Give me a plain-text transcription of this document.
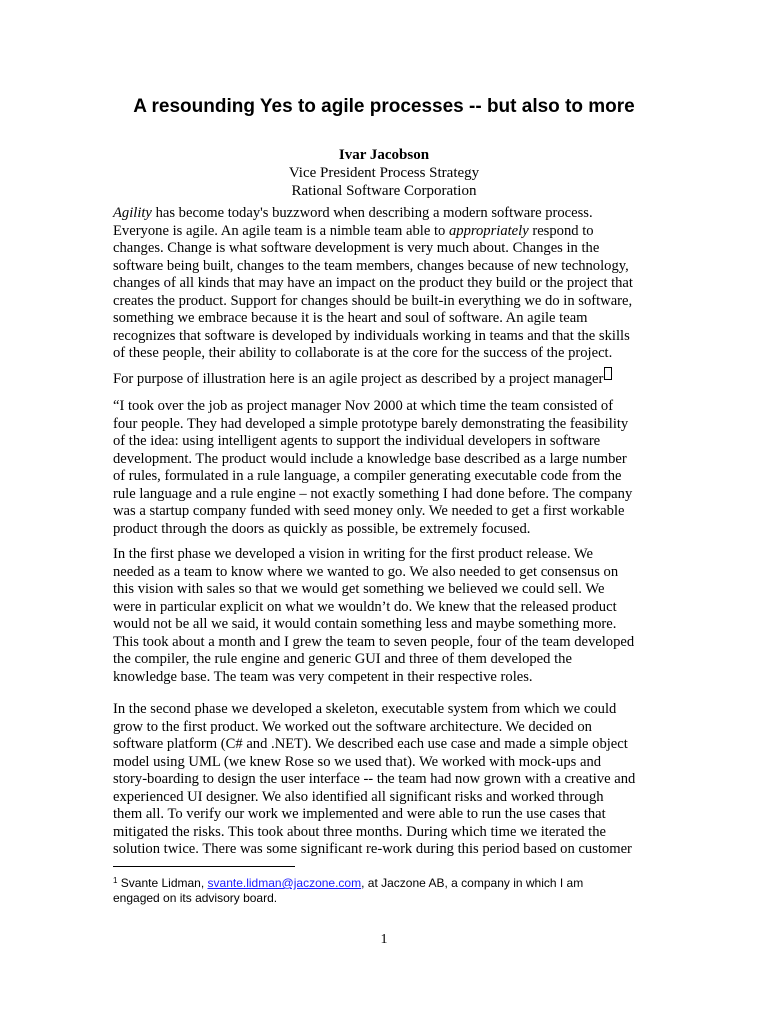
A resounding Yes to agile processes -- but also to more
Ivar Jacobson
Vice President Process Strategy
Rational Software Corporation
Agility has become today's buzzword when describing a modern software process.
Everyone is agile. An agile team is a nimble team able to appropriately respond to
changes. Change is what software development is very much about. Changes in the
software being built, changes to the team members, changes because of new technology,
changes of all kinds that may have an impact on the product they build or the project that
creates the product. Support for changes should be built-in everything we do in software,
something we embrace because it is the heart and soul of software. An agile team
recognizes that software is developed by individuals working in teams and that the skills
of these people, their ability to collaborate is at the core for the success of the project.
For purpose of illustration here is an agile project as described by a project manager
“I took over the job as project manager Nov 2000 at which time the team consisted of
four people. They had developed a simple prototype barely demonstrating the feasibility
of the idea: using intelligent agents to support the individual developers in software
development. The product would include a knowledge base described as a large number
of rules, formulated in a rule language, a compiler generating executable code from the
rule language and a rule engine – not exactly something I had done before. The company
was a startup company funded with seed money only. We needed to get a first workable
product through the doors as quickly as possible, be extremely focused.
In the first phase we developed a vision in writing for the first product release. We
needed as a team to know where we wanted to go. We also needed to get consensus on
this vision with sales so that we would get something we believed we could sell. We
were in particular explicit on what we wouldn’t do. We knew that the released product
would not be all we said, it would contain something less and maybe something more.
This took about a month and I grew the team to seven people, four of the team developed
the compiler, the rule engine and generic GUI and three of them developed the
knowledge base. The team was very competent in their respective roles.
In the second phase we developed a skeleton, executable system from which we could
grow to the first product. We worked out the software architecture. We decided on
software platform (C# and .NET). We described each use case and made a simple object
model using UML (we knew Rose so we used that). We worked with mock-ups and
story-boarding to design the user interface -- the team had now grown with a creative and
experienced UI designer. We also identified all significant risks and worked through
them all. To verify our work we implemented and were able to run the use cases that
mitigated the risks. This took about three months. During which time we iterated the
solution twice. There was some significant re-work during this period based on customer
$^1$ Svante Lidman, svante.lidman@jaczone.com, at Jaczone AB, a company in which I am
engaged on its advisory board.
1
